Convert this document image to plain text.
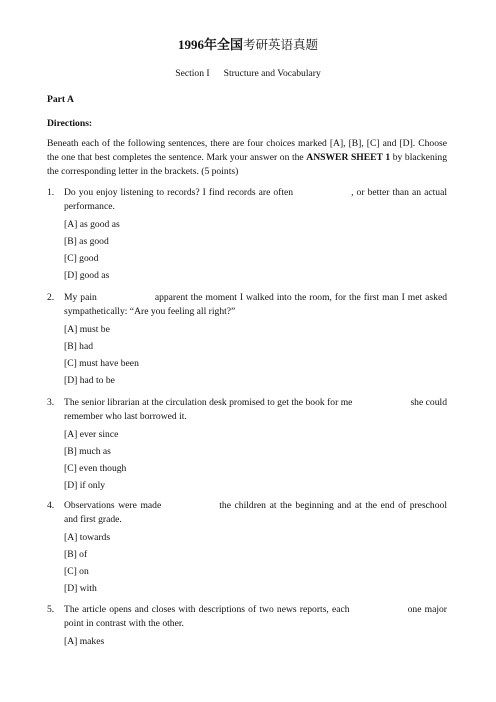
1996年全国考研英语真题
Section I Structure and Vocabulary
Part A
Directions:

Beneath each of the following sentences, there are four choices marked [A], [B], [C] and [D]. Choose the one that best completes the sentence. Mark your answer on the ANSWER SHEET 1 by blackening the corresponding letter in the brackets. (5 points)

1. Do you enjoy listening to records? I find records are often	, or better than an actual performance.

[A] as good as
[B] as good
[C] good
[D] good as
2. My pain	apparent the moment I walked into the room, for the first man I met asked sympathetically: “Are you feeling all right?”

[A] must be
[B] had
[C] must have been
[D] had to be
3. The senior librarian at the circulation desk promised to get the book for me	she could remember who last borrowed it.

[A] ever since
[B] much as
[C] even though
[D] if only
4. Observations were made	the children at the beginning and at the end of preschool and first grade.

[A] towards
[B] of
[C] on
[D] with
5. The article opens and closes with descriptions of two news reports, each	one major point in contrast with the other.

[A] makes
